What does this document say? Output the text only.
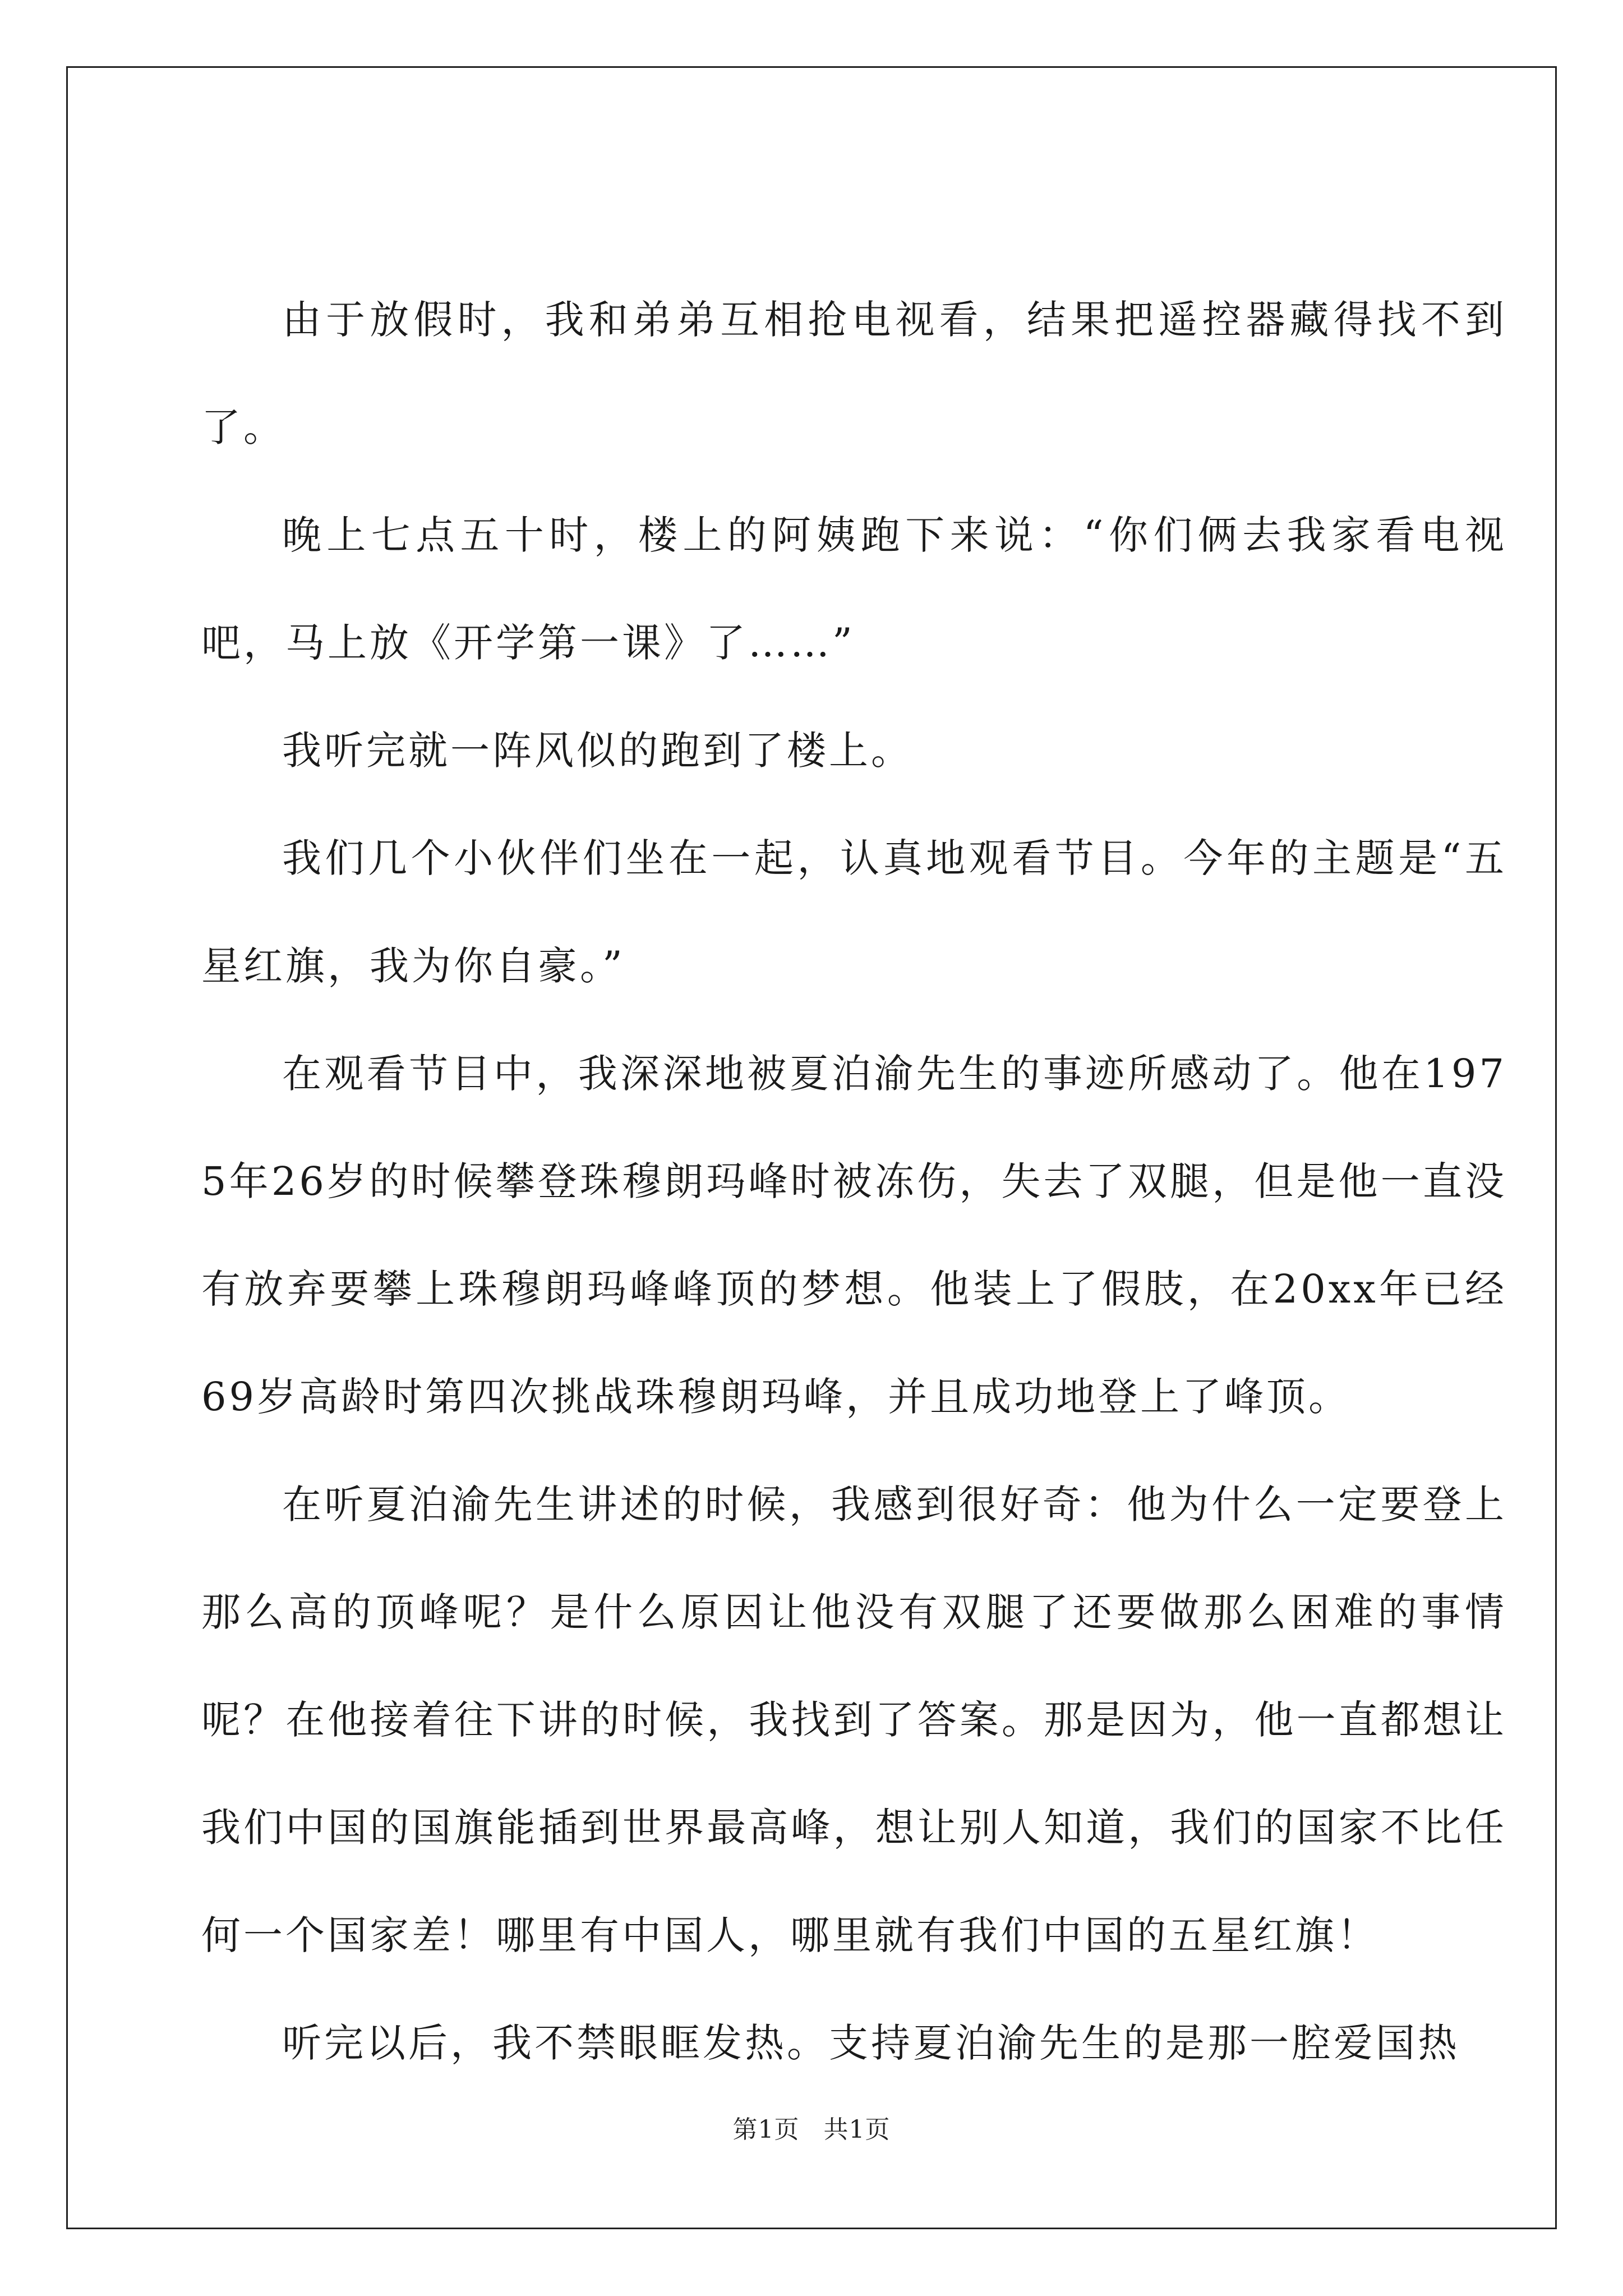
由于放假时，我和弟弟互相抢电视看，结果把遥控器藏得找不到了。

晚上七点五十时，楼上的阿姨跑下来说：“你们俩去我家看电视吧，马上放《开学第一课》了……”

我听完就一阵风似的跑到了楼上。

我们几个小伙伴们坐在一起，认真地观看节目。今年的主题是“五星红旗，我为你自豪。”

在观看节目中，我深深地被夏泊渝先生的事迹所感动了。他在1975年26岁的时候攀登珠穆朗玛峰时被冻伤，失去了双腿，但是他一直没有放弃要攀上珠穆朗玛峰峰顶的梦想。他装上了假肢，在20xx年已经69岁高龄时第四次挑战珠穆朗玛峰，并且成功地登上了峰顶。

在听夏泊渝先生讲述的时候，我感到很好奇：他为什么一定要登上那么高的顶峰呢？是什么原因让他没有双腿了还要做那么困难的事情呢？在他接着往下讲的时候，我找到了答案。那是因为，他一直都想让我们中国的国旗能插到世界最高峰，想让别人知道，我们的国家不比任何一个国家差！哪里有中国人，哪里就有我们中国的五星红旗！

听完以后，我不禁眼眶发热。支持夏泊渝先生的是那一腔爱国热

第1页 共1页
